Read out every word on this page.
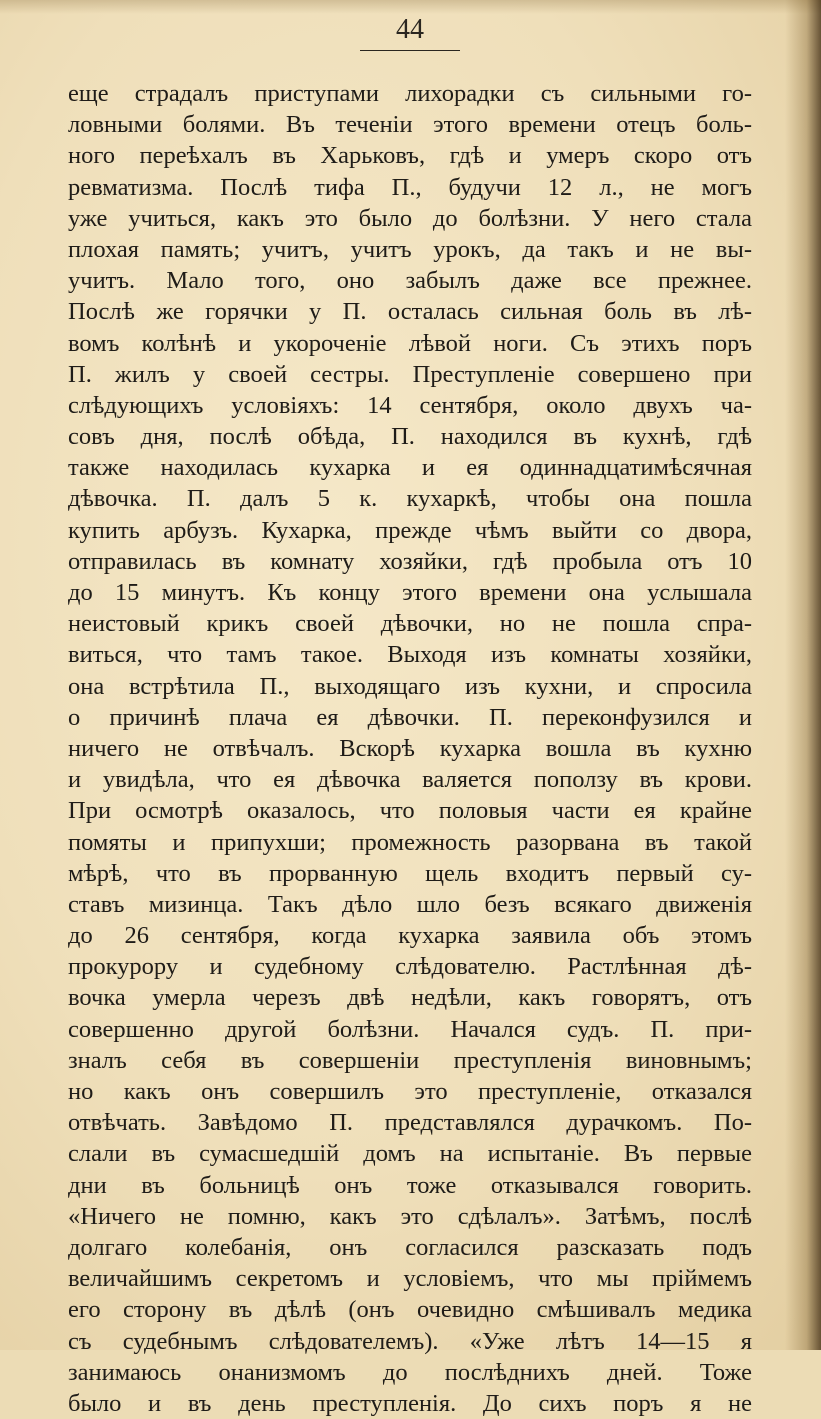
44
еще страдалъ приступами лихорадки съ сильными го-
ловными болями. Въ теченіи этого времени отецъ боль-
ного переѣхалъ въ Харьковъ, гдѣ и умеръ скоро отъ
ревматизма. Послѣ тифа П., будучи 12 л., не могъ
уже учиться, какъ это было до болѣзни. У него стала
плохая память; учитъ, учитъ урокъ, да такъ и не вы-
учитъ. Мало того, оно забылъ даже все прежнее.
Послѣ же горячки у П. осталась сильная боль въ лѣ-
вомъ колѣнѣ и укороченіе лѣвой ноги. Съ этихъ поръ
П. жилъ у своей сестры. Преступленіе совершено при
слѣдующихъ условіяхъ: 14 сентября, около двухъ ча-
совъ дня, послѣ обѣда, П. находился въ кухнѣ, гдѣ
также находилась кухарка и ея одиннадцатимѣсячная
дѣвочка. П. далъ 5 к. кухаркѣ, чтобы она пошла
купить арбузъ. Кухарка, прежде чѣмъ выйти со двора,
отправилась въ комнату хозяйки, гдѣ пробыла отъ 10
до 15 минутъ. Къ концу этого времени она услышала
неистовый крикъ своей дѣвочки, но не пошла спра-
виться, что тамъ такое. Выходя изъ комнаты хозяйки,
она встрѣтила П., выходящаго изъ кухни, и спросила
о причинѣ плача ея дѣвочки. П. переконфузился и
ничего не отвѣчалъ. Вскорѣ кухарка вошла въ кухню
и увидѣла, что ея дѣвочка валяется поползу въ крови.
При осмотрѣ оказалось, что половыя части ея крайне
помяты и припухши; промежность разорвана въ такой
мѣрѣ, что въ прорванную щель входитъ первый су-
ставъ мизинца. Такъ дѣло шло безъ всякаго движенія
до 26 сентября, когда кухарка заявила объ этомъ
прокурору и судебному слѣдователю. Растлѣнная дѣ-
вочка умерла черезъ двѣ недѣли, какъ говорятъ, отъ
совершенно другой болѣзни. Начался судъ. П. при-
зналъ себя въ совершеніи преступленія виновнымъ;
но какъ онъ совершилъ это преступленіе, отказался
отвѣчать. Завѣдомо П. представлялся дурачкомъ. По-
слали въ сумасшедшій домъ на испытаніе. Въ первые
дни въ больницѣ онъ тоже отказывался говорить.
«Ничего не помню, какъ это сдѣлалъ». Затѣмъ, послѣ
долгаго колебанія, онъ согласился разсказать подъ
величайшимъ секретомъ и условіемъ, что мы пріймемъ
его сторону въ дѣлѣ (онъ очевидно смѣшивалъ медика
съ судебнымъ слѣдователемъ). «Уже лѣтъ 14—15 я
занимаюсь онанизмомъ до послѣднихъ дней. Тоже
было и въ день преступленія. До сихъ поръ я не
